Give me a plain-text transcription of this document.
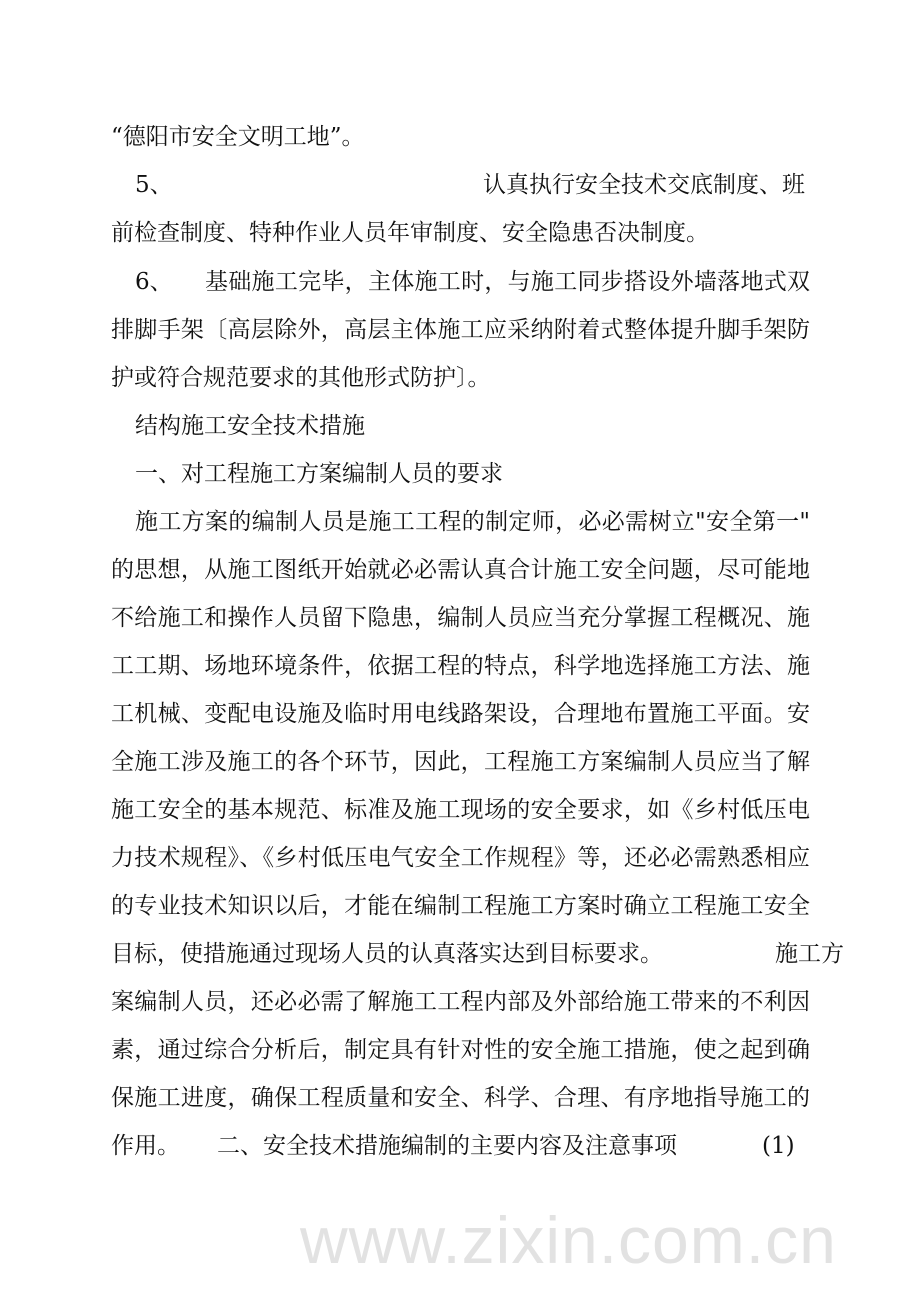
www.zixin.com.cn
“德阳市安全文明工地”。
5、	认真执行安全技术交底制度、班
前检查制度、特种作业人员年审制度、安全隐患否决制度。
6、 基础施工完毕，主体施工时，与施工同步搭设外墙落地式双
排脚手架〔高层除外，高层主体施工应采纳附着式整体提升脚手架防
护或符合规范要求的其他形式防护〕。
结构施工安全技术措施
一、对工程施工方案编制人员的要求
施工方案的编制人员是施工工程的制定师，必必需树立"安全第一"
的思想，从施工图纸开始就必必需认真合计施工安全问题，尽可能地
不给施工和操作人员留下隐患，编制人员应当充分掌握工程概况、施
工工期、场地环境条件，依据工程的特点，科学地选择施工方法、施
工机械、变配电设施及临时用电线路架设，合理地布置施工平面。安
全施工涉及施工的各个环节，因此，工程施工方案编制人员应当了解
施工安全的基本规范、标准及施工现场的安全要求，如《乡村低压电
力技术规程》、《乡村低压电气安全工作规程》等，还必必需熟悉相应
的专业技术知识以后，才能在编制工程施工方案时确立工程施工安全
目标，使措施通过现场人员的认真落实达到目标要求。	施工方
案编制人员，还必必需了解施工工程内部及外部给施工带来的不利因
素，通过综合分析后，制定具有针对性的安全施工措施，使之起到确
保施工进度，确保工程质量和安全、科学、合理、有序地指导施工的
作用。 二、安全技术措施编制的主要内容及注意事项	(1)
